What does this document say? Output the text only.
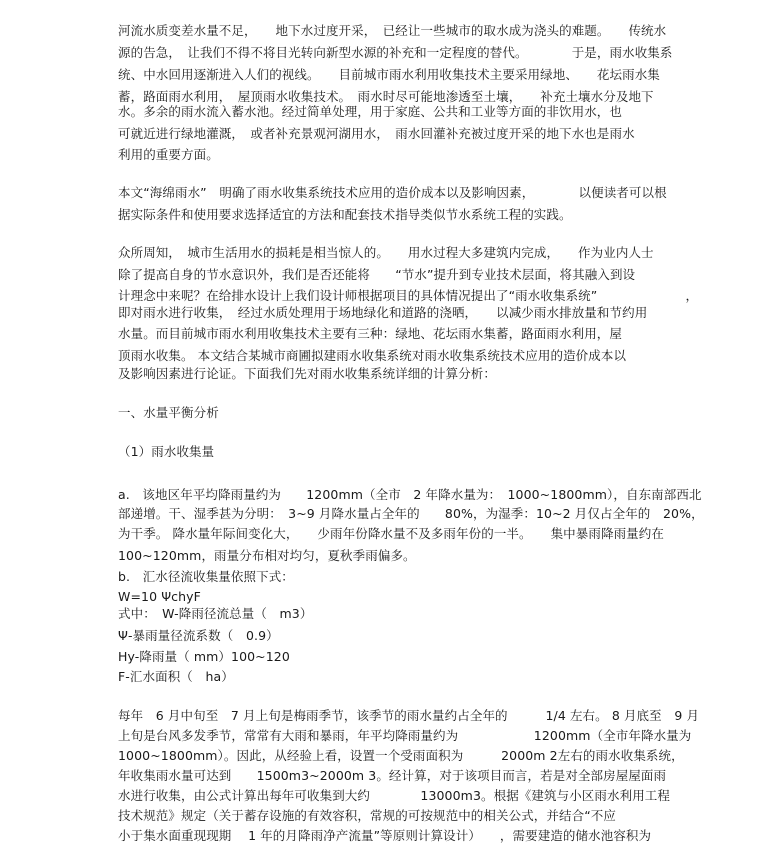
河流水质变差水量不足，　　地下水过度开采，　已经让一些城市的取水成为浇头的难题。　　传统水
源的告急，　让我们不得不将目光转向新型水源的补充和一定程度的替代。　　　　于是，雨水收集系
统、中水回用逐渐进入人们的视线。　　目前城市雨水利用收集技术主要采用绿地、　　花坛雨水集
蓄，路面雨水利用，　屋顶雨水收集技术。　雨水时尽可能地渗透至土壤，　　补充土壤水分及地下
水。多余的雨水流入蓄水池。经过简单处理，用于家庭、公共和工业等方面的非饮用水，也
可就近进行绿地灌溉，　或者补充景观河湖用水，　雨水回灌补充被过度开采的地下水也是雨水
利用的重要方面。
本文“海绵雨水”　明确了雨水收集系统技术应用的造价成本以及影响因素，　　　　以便读者可以根
据实际条件和使用要求选择适宜的方法和配套技术指导类似节水系统工程的实践。
众所周知，　城市生活用水的损耗是相当惊人的。　　用水过程大多建筑内完成，　　作为业内人士
除了提高自身的节水意识外，我们是否还能将　　“节水”提升到专业技术层面，将其融入到设
计理念中来呢？在给排水设计上我们设计师根据项目的具体情况提出了“雨水收集系统”　　　　　　　，
即对雨水进行收集，　经过水质处理用于场地绿化和道路的浇晒，　　以减少雨水排放量和节约用
水量。而目前城市雨水利用收集技术主要有三种：绿地、花坛雨水集蓄，路面雨水利用，屋
顶雨水收集。 本文结合某城市商圃拟建雨水收集系统对雨水收集系统技术应用的造价成本以
及影响因素进行论证。下面我们先对雨水收集系统详细的计算分析：
一、水量平衡分析
（1）雨水收集量
a.　该地区年平均降雨量约为　　1200mm（全市　2 年降水量为：　1000~1800mm），自东南部西北
部递增。干、湿季甚为分明：　3~9 月降水量占全年的　　80%，为湿季：10~2 月仅占全年的　20%，
为干季。 降水量年际间变化大，　　少雨年份降水量不及多雨年份的一半。　　集中暴雨降雨量约在
100~120mm，雨量分布相对均匀，夏秋季雨偏多。
b.　汇水径流收集量依照下式：
W=10 ΨchyF
式中：　W-降雨径流总量（　m3）
Ψ-暴雨量径流系数（　0.9）
Hy-降雨量（ mm）100~120
F-汇水面积（　ha）
每年　6 月中旬至　7 月上旬是梅雨季节，该季节的雨水量约占全年的　　　1/4 左右。 8 月底至　9 月
上旬是台风多发季节，常常有大雨和暴雨，年平均降雨量约为　　　　　　1200mm（全市年降水量为
1000~1800mm）。因此，从经验上看，设置一个受雨面积为　　　2000m 2左右的雨水收集系统，
年收集雨水量可达到　　1500m3~2000m 3。经计算，对于该项目而言，若是对全部房屋屋面雨
水进行收集，由公式计算出每年可收集到大约　　　　13000m3。根据《建筑与小区雨水利用工程
技术规范》规定（关于蓄存设施的有效容积，常规的可按规范中的相关公式，并结合“不应
小于集水面重现现期　 1 年的月降雨净产流量”等原则计算设计）　　，需要建造的储水池容积为
